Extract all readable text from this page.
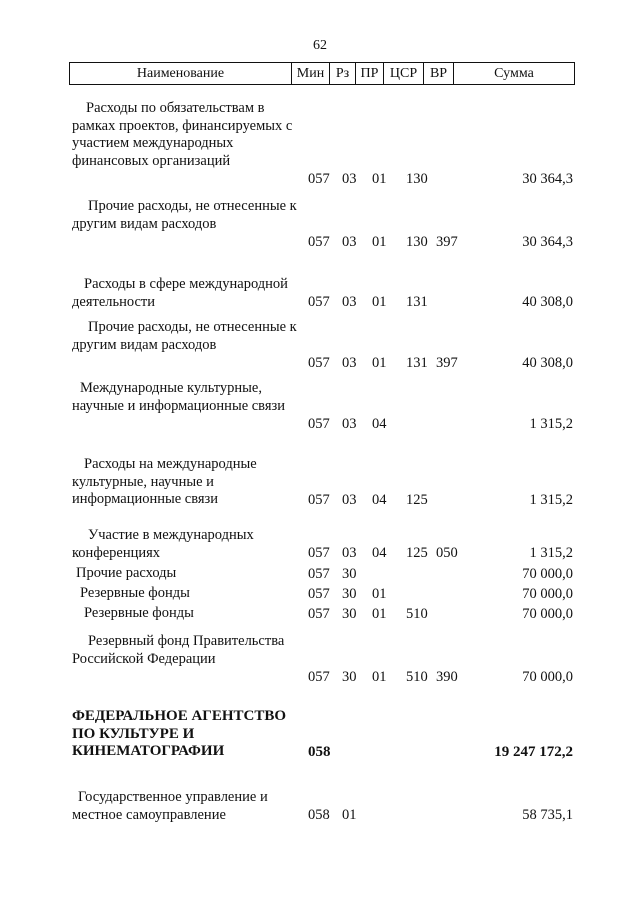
62
Наименование	Мин Рз ПР ЦСР ВР	Сумма
Расходы по обязательствам в рамках проектов, финансируемых с участием международных финансовых организаций
057 03 01 130	30 364,3
Прочие расходы, не отнесенные к другим видам расходов
057 03 01 130 397	30 364,3
Расходы в сфере международной деятельности	057 03 01 131	40 308,0
Прочие расходы, не отнесенные к другим видам расходов
057 03 01 131 397	40 308,0
Международные культурные, научные и информационные связи
057 03 04	1 315,2
Расходы на международные культурные, научные и информационные связи	057 03 04 125	1 315,2
Участие в международных конференциях	057 03 04 125 050	1 315,2
Прочие расходы	057 30	70 000,0
Резервные фонды	057 30 01	70 000,0
Резервные фонды	057 30 01 510	70 000,0
Резервный фонд Правительства Российской Федерации
057 30 01 510 390	70 000,0
ФЕДЕРАЛЬНОЕ АГЕНТСТВО ПО КУЛЬТУРЕ И КИНЕМАТОГРАФИИ	058	19 247 172,2
Государственное управление и местное самоуправление	058 01	58 735,1
